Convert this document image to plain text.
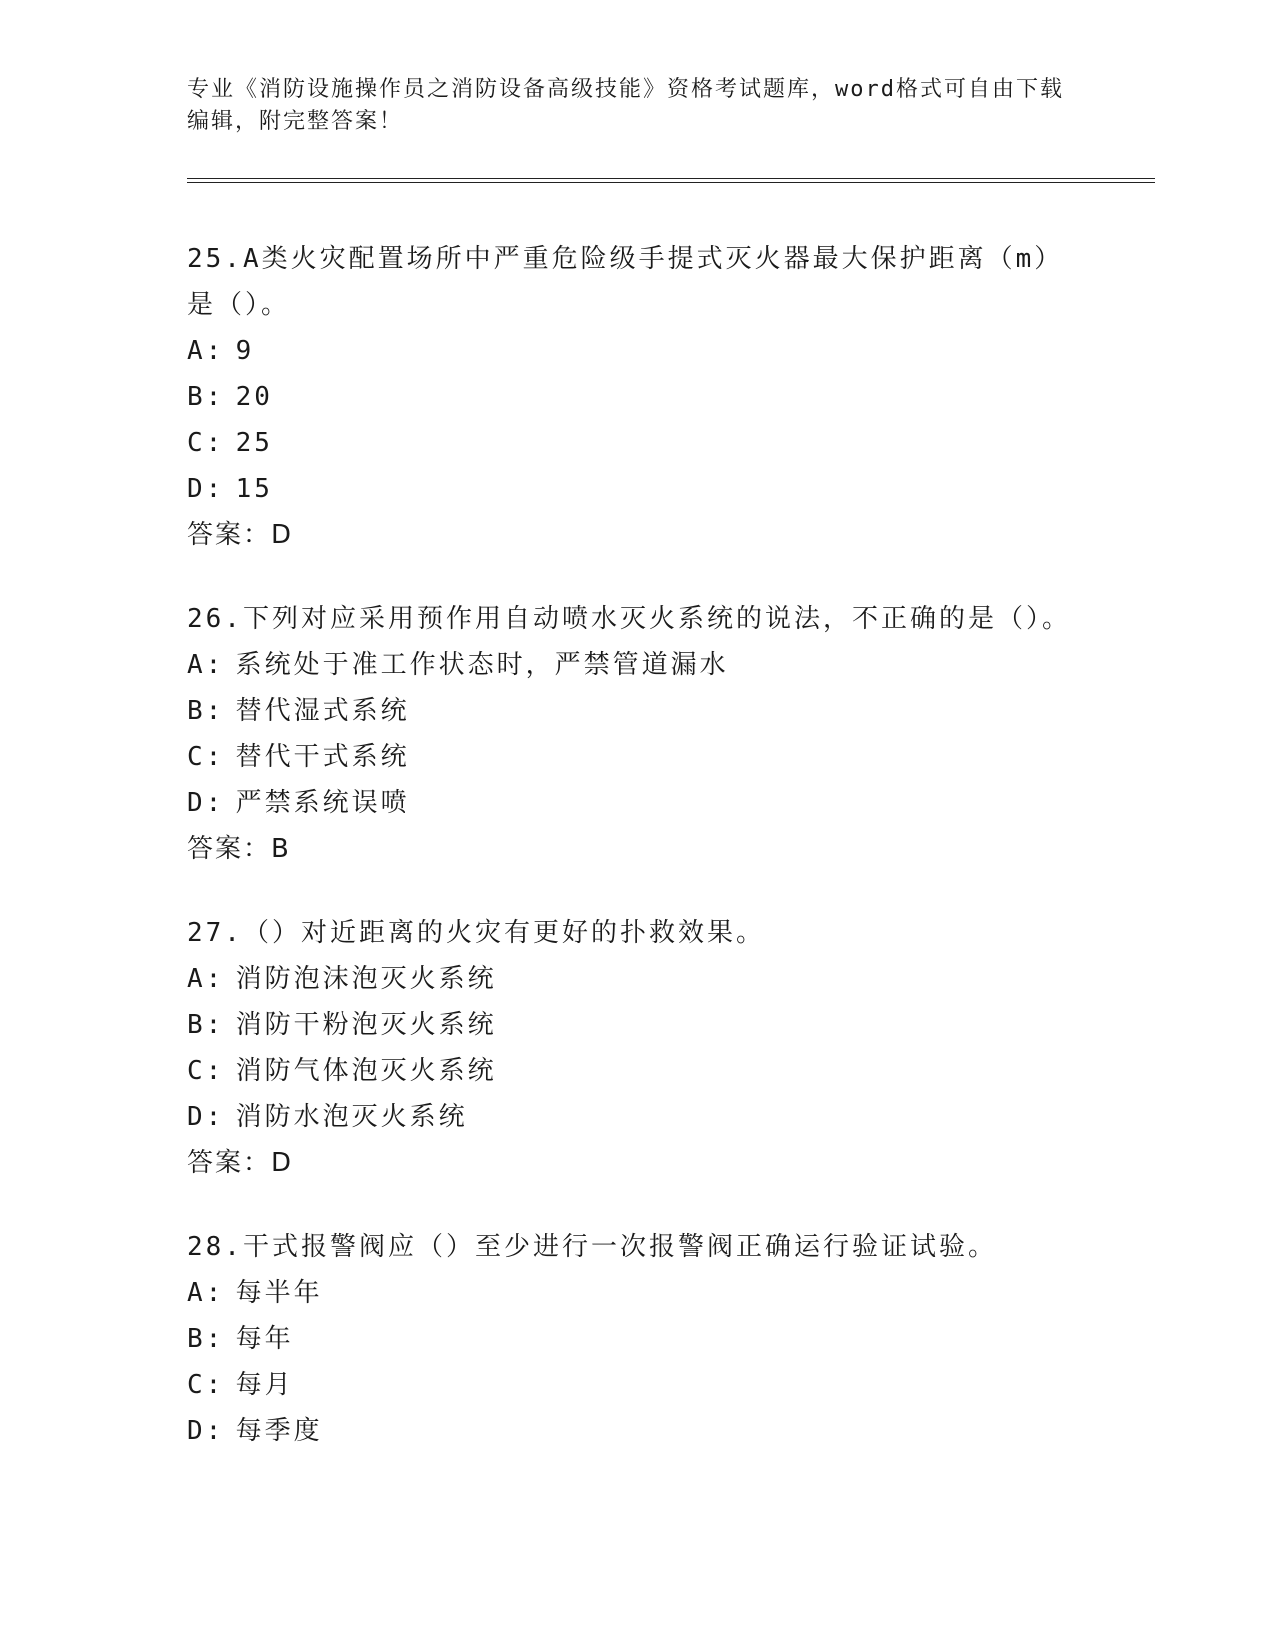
专业《消防设施操作员之消防设备高级技能》资格考试题库，word格式可自由下载编辑，附完整答案！
25.A类火灾配置场所中严重危险级手提式灭火器最大保护距离（m）是（）。
A: 9
B: 20
C: 25
D: 15
答案：D
26.下列对应采用预作用自动喷水灭火系统的说法，不正确的是（）。
A: 系统处于准工作状态时，严禁管道漏水
B: 替代湿式系统
C: 替代干式系统
D: 严禁系统误喷
答案：B
27.（）对近距离的火灾有更好的扑救效果。
A: 消防泡沫泡灭火系统
B: 消防干粉泡灭火系统
C: 消防气体泡灭火系统
D: 消防水泡灭火系统
答案：D
28.干式报警阀应（）至少进行一次报警阀正确运行验证试验。
A: 每半年
B: 每年
C: 每月
D: 每季度
